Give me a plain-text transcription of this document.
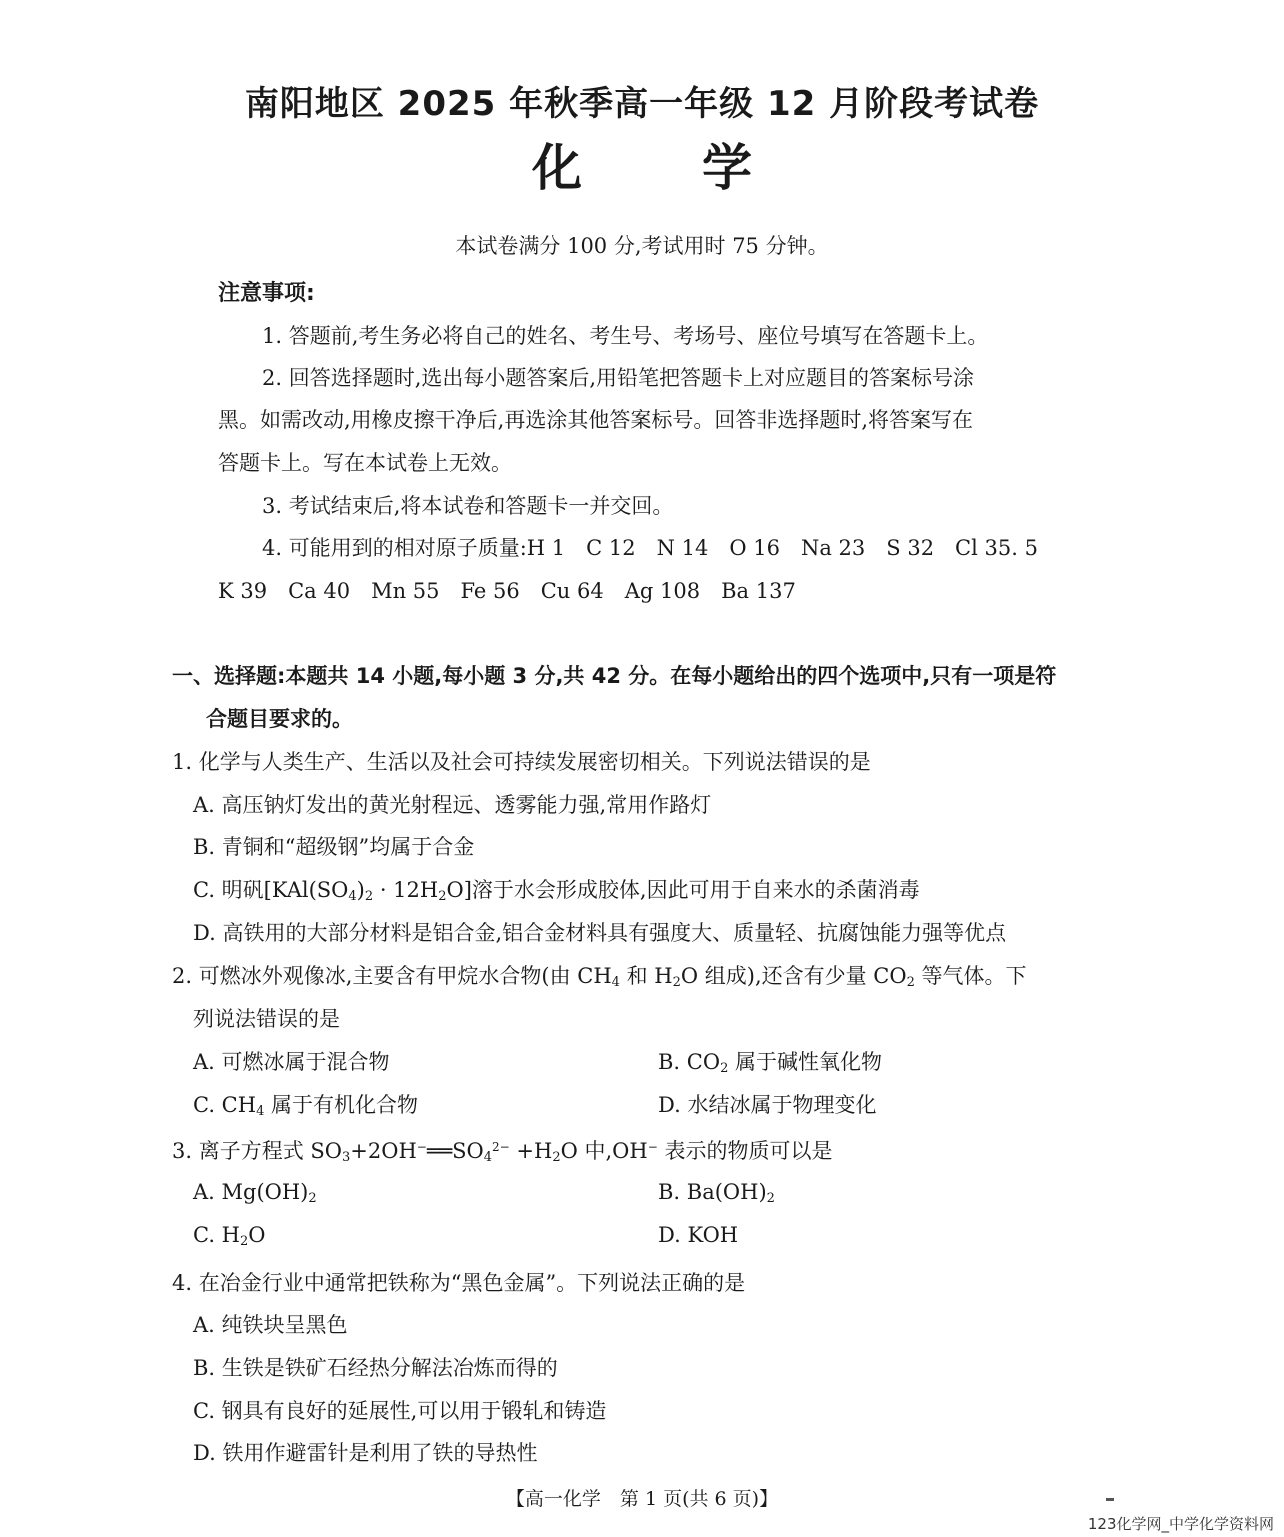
南阳地区 2025 年秋季高一年级 12 月阶段考试卷
化学
本试卷满分 100 分,考试用时 75 分钟。
注意事项:
1. 答题前,考生务必将自己的姓名、考生号、考场号、座位号填写在答题卡上。
2. 回答选择题时,选出每小题答案后,用铅笔把答题卡上对应题目的答案标号涂
黑。如需改动,用橡皮擦干净后,再选涂其他答案标号。回答非选择题时,将答案写在
答题卡上。写在本试卷上无效。
3. 考试结束后,将本试卷和答题卡一并交回。
4. 可能用到的相对原子质量:H 1　C 12　N 14　O 16　Na 23　S 32　Cl 35. 5
K 39　Ca 40　Mn 55　Fe 56　Cu 64　Ag 108　Ba 137
一、选择题:本题共 14 小题,每小题 3 分,共 42 分。在每小题给出的四个选项中,只有一项是符
合题目要求的。
1. 化学与人类生产、生活以及社会可持续发展密切相关。下列说法错误的是
A. 高压钠灯发出的黄光射程远、透雾能力强,常用作路灯
B. 青铜和“超级钢”均属于合金
C. 明矾$[KAl(SO_4)_2 \cdot 12H_2O]$溶于水会形成胶体,因此可用于自来水的杀菌消毒
D. 高铁用的大部分材料是铝合金,铝合金材料具有强度大、质量轻、抗腐蚀能力强等优点
2. 可燃冰外观像冰,主要含有甲烷水合物(由 $CH_4$ 和 $H_2O$ 组成),还含有少量 $CO_2$ 等气体。下
列说法错误的是
A. 可燃冰属于混合物	B. $CO_2$ 属于碱性氧化物
C. $CH_4$ 属于有机化合物	D. 水结冰属于物理变化
3. 离子方程式 $SO_3+2OH^-══SO_4^{2-} +H_2O$ 中,OH− 表示的物质可以是
A. $Mg(OH)_2$	B. $Ba(OH)_2$
C. $H_2O$	D. KOH
4. 在冶金行业中通常把铁称为“黑色金属”。下列说法正确的是
A. 纯铁块呈黑色
B. 生铁是铁矿石经热分解法冶炼而得的
C. 钢具有良好的延展性,可以用于锻轧和铸造
D. 铁用作避雷针是利用了铁的导热性
【高一化学　第 1 页(共 6 页)】
123化学网_中学化学资料网
